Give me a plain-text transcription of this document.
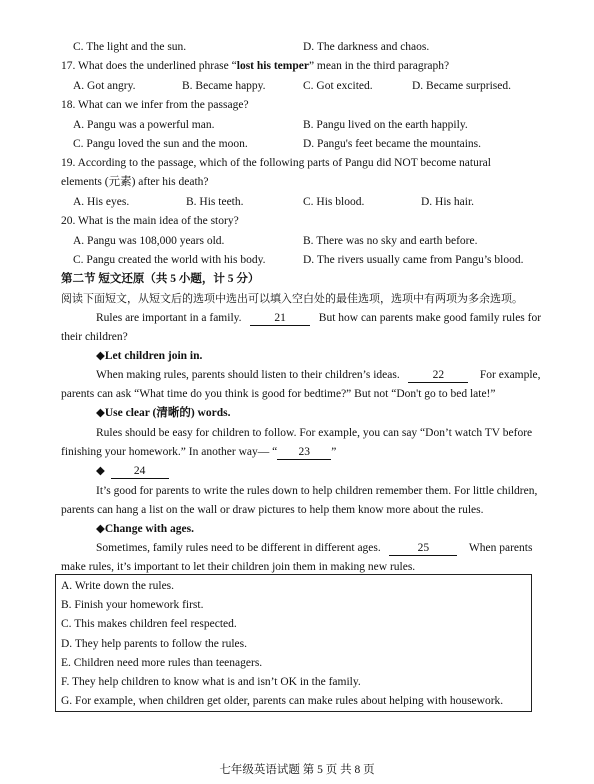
C. The light and the sun.	D. The darkness and chaos.
17. What does the underlined phrase “lost his temper” mean in the third paragraph?
A. Got angry.	B. Became happy.	C. Got excited.	D. Became surprised.
18. What can we infer from the passage?
A. Pangu was a powerful man.	B. Pangu lived on the earth happily.
C. Pangu loved the sun and the moon.	D. Pangu's feet became the mountains.
19. According to the passage, which of the following parts of Pangu did NOT become natural
elements (元素) after his death?
A. His eyes.	B. His teeth.	C. His blood.	D. His hair.
20. What is the main idea of the story?
A. Pangu was 108,000 years old.	B. There was no sky and earth before.
C. Pangu created the world with his body.	D. The rivers usually came from Pangu’s blood.
第二节 短文还原（共 5 小题，计 5 分）
阅读下面短文，从短文后的选项中选出可以填入空白处的最佳选项，选项中有两项为多余选项。
Rules are important in a family.	21	But how can parents make good family rules for
their children?
◆Let children join in.
When making rules, parents should listen to their children’s ideas.	22	For example,
parents can ask “What time do you think is good for bedtime?” But not “Don't go to bed late!”
◆Use clear (清晰的) words.
Rules should be easy for children to follow. For example, you can say “Don’t watch TV before
finishing your homework.” In another way— “ 23 ”
◆	24
It’s good for parents to write the rules down to help children remember them. For little children,
parents can hang a list on the wall or draw pictures to help them know more about the rules.
◆Change with ages.
Sometimes, family rules need to be different in different ages.	25	When parents
make rules, it’s important to let their children join them in making new rules.
A. Write down the rules.
B. Finish your homework first.
C. This makes children feel respected.
D. They help parents to follow the rules.
E. Children need more rules than teenagers.
F. They help children to know what is and isn’t OK in the family.
G. For example, when children get older, parents can make rules about helping with housework.
七年级英语试题 第 5 页 共 8 页
